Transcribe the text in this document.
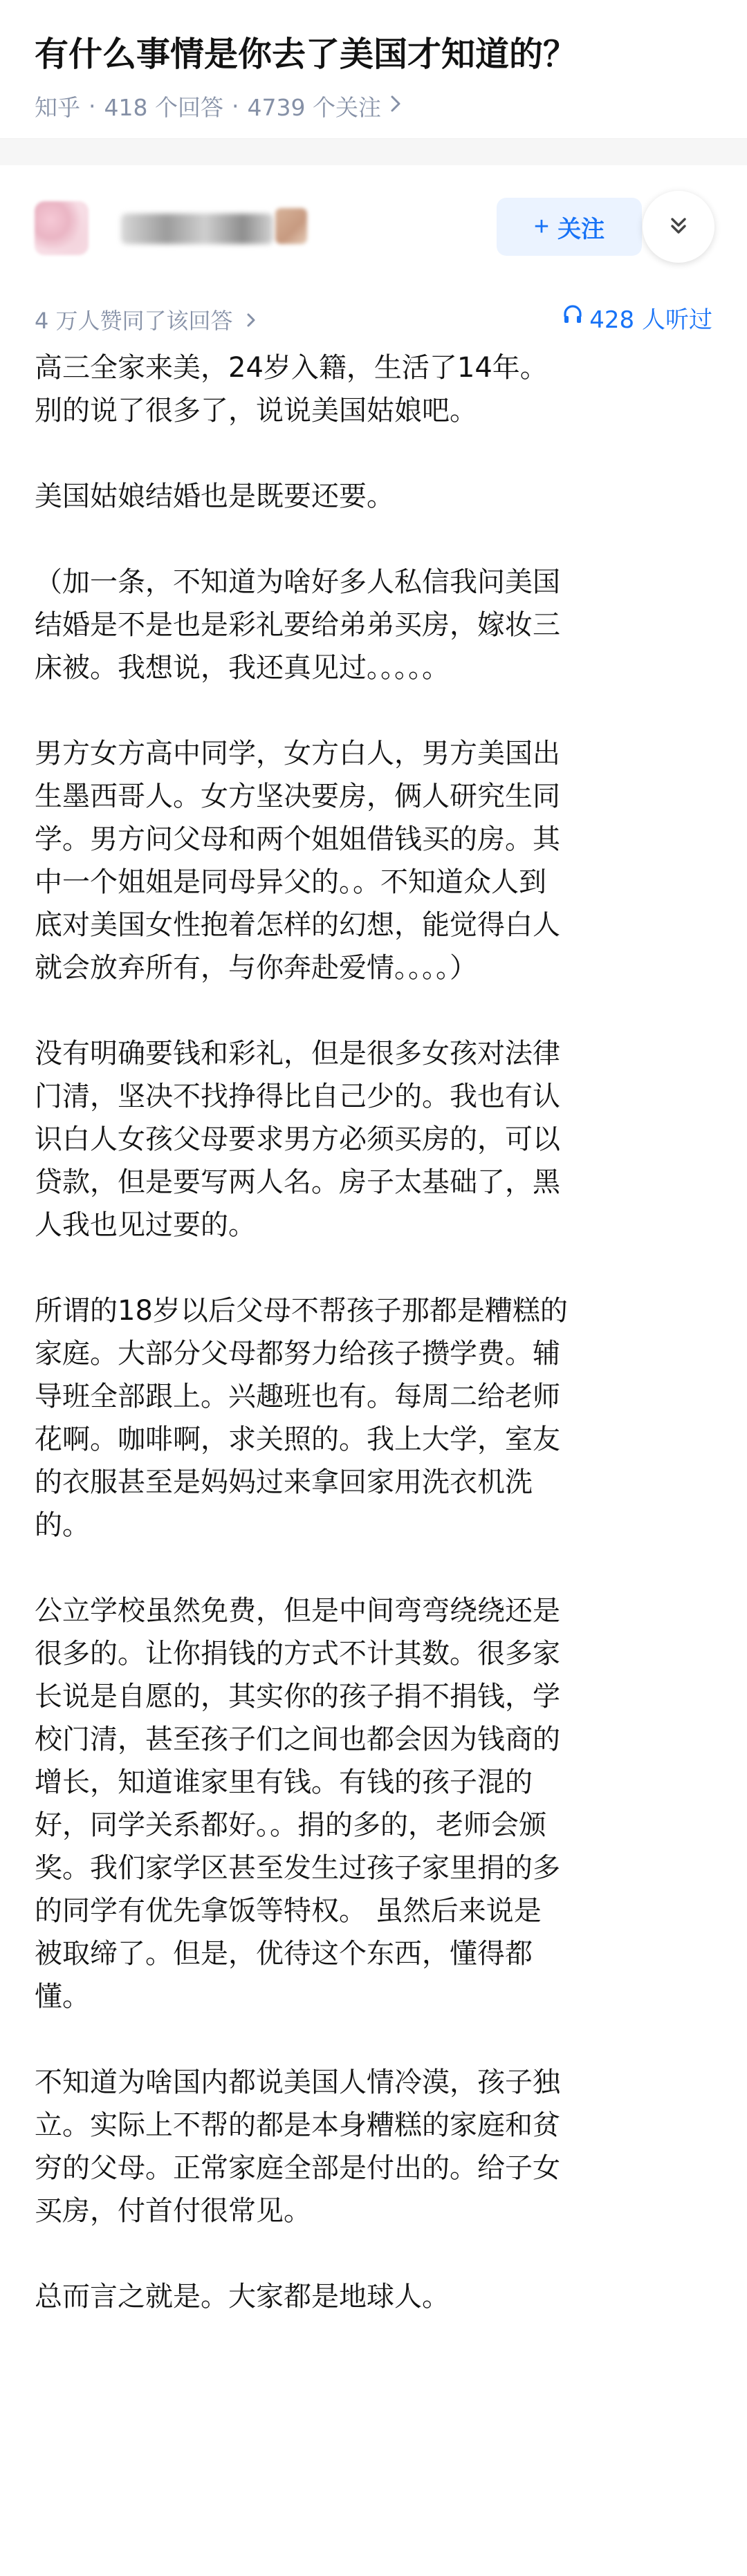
有什么事情是你去了美国才知道的？
知乎 · 418 个回答 · 4739 个关注
+ 关注
4 万人赞同了该回答	428 人听过

高三全家来美，24岁入籍，生活了14年。
别的说了很多了，说说美国姑娘吧。

美国姑娘结婚也是既要还要。

（加一条，不知道为啥好多人私信我问美国
结婚是不是也是彩礼要给弟弟买房，嫁妆三
床被。我想说，我还真见过。。。。。

男方女方高中同学，女方白人，男方美国出
生墨西哥人。女方坚决要房，俩人研究生同
学。男方问父母和两个姐姐借钱买的房。其
中一个姐姐是同母异父的。。不知道众人到
底对美国女性抱着怎样的幻想，能觉得白人
就会放弃所有，与你奔赴爱情。。。。）

没有明确要钱和彩礼，但是很多女孩对法律
门清，坚决不找挣得比自己少的。我也有认
识白人女孩父母要求男方必须买房的，可以
贷款，但是要写两人名。房子太基础了，黑
人我也见过要的。

所谓的18岁以后父母不帮孩子那都是糟糕的
家庭。大部分父母都努力给孩子攒学费。辅
导班全部跟上。兴趣班也有。每周二给老师
花啊。咖啡啊，求关照的。我上大学，室友
的衣服甚至是妈妈过来拿回家用洗衣机洗
的。

公立学校虽然免费，但是中间弯弯绕绕还是
很多的。让你捐钱的方式不计其数。很多家
长说是自愿的，其实你的孩子捐不捐钱，学
校门清，甚至孩子们之间也都会因为钱商的
增长，知道谁家里有钱。有钱的孩子混的
好，同学关系都好。。捐的多的，老师会颁
奖。我们家学区甚至发生过孩子家里捐的多
的同学有优先拿饭等特权。 虽然后来说是
被取缔了。但是，优待这个东西，懂得都
懂。

不知道为啥国内都说美国人情冷漠，孩子独
立。实际上不帮的都是本身糟糕的家庭和贫
穷的父母。正常家庭全部是付出的。给子女
买房，付首付很常见。

总而言之就是。大家都是地球人。
